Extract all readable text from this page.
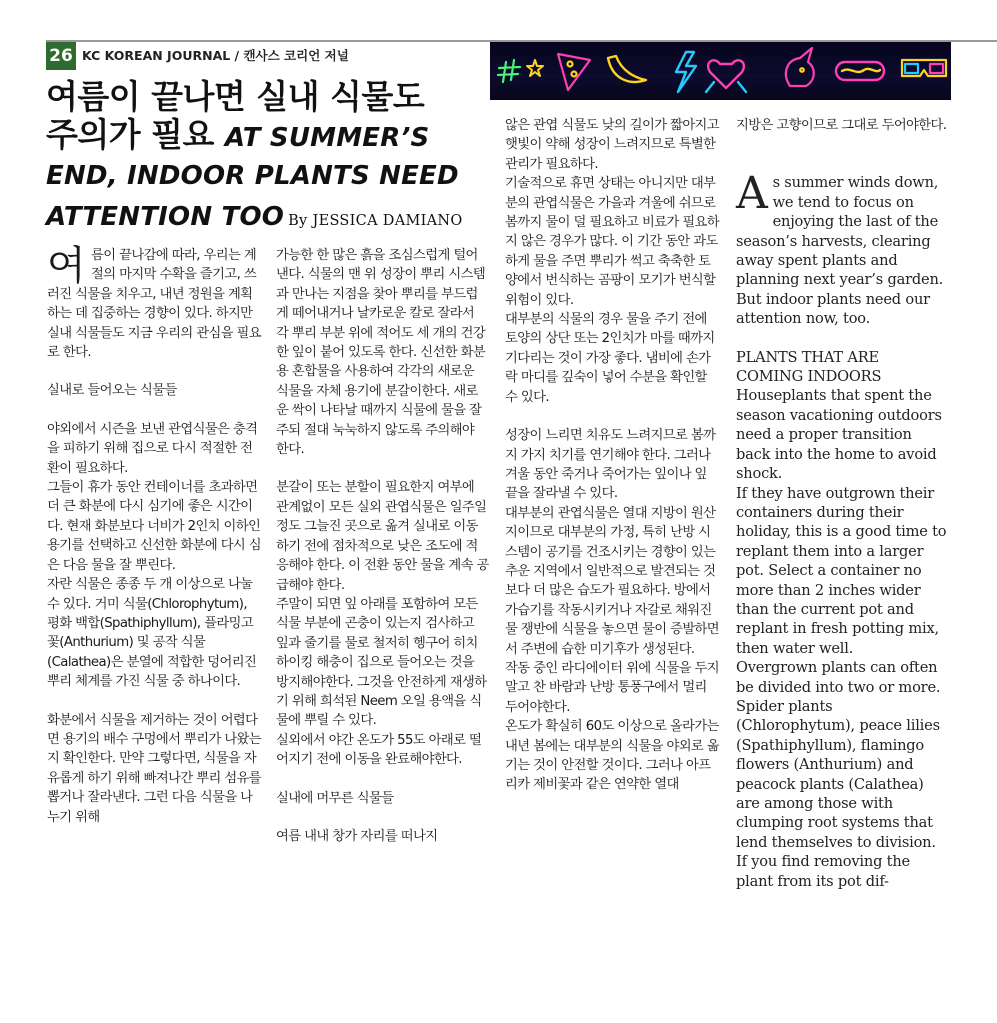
26 KC KOREAN JOURNAL / 캔사스 코리언 저널
여름이 끝나면 실내 식물도
주의가 필요 AT SUMMER’S
END, INDOOR PLANTS NEED
ATTENTION TOO By JESSICA DAMIANO

여름이 끝나감에 따라, 우리는 계절의 마지막 수확을 즐기고, 쓰러진 식물을 치우고, 내년 정원을 계획하는 데 집중하는 경향이 있다. 하지만 실내 식물들도 지금 우리의 관심을 필요로 한다.

실내로 들어오는 식물들

야외에서 시즌을 보낸 관엽식물은 충격을 피하기 위해 집으로 다시 적절한 전환이 필요하다.

그들이 휴가 동안 컨테이너를 초과하면 더 큰 화분에 다시 심기에 좋은 시간이다. 현재 화분보다 너비가 2인치 이하인 용기를 선택하고 신선한 화분에 다시 심은 다음 물을 잘 뿌린다.

자란 식물은 종종 두 개 이상으로 나눌 수 있다. 거미 식물(Chlorophytum), 평화 백합(Spathiphyllum), 플라밍고 꽃(Anthurium) 및 공작 식물(Calathea)은 분열에 적합한 덩어리진 뿌리 체계를 가진 식물 중 하나이다.

화분에서 식물을 제거하는 것이 어렵다면 용기의 배수 구멍에서 뿌리가 나왔는지 확인한다. 만약 그렇다면, 식물을 자유롭게 하기 위해 빠져나간 뿌리 섬유를 뽑거나 잘라낸다. 그런 다음 식물을 나누기 위해

가능한 한 많은 흙을 조심스럽게 털어낸다. 식물의 맨 위 성장이 뿌리 시스템과 만나는 지점을 찾아 뿌리를 부드럽게 떼어내거나 날카로운 칼로 잘라서 각 뿌리 부분 위에 적어도 세 개의 건강한 잎이 붙어 있도록 한다. 신선한 화분용 혼합물을 사용하여 각각의 새로운 식물을 자체 용기에 분갈이한다. 새로운 싹이 나타날 때까지 식물에 물을 잘 주되 절대 눅눅하지 않도록 주의해야 한다.

분갈이 또는 분할이 필요한지 여부에 관계없이 모든 실외 관엽식물은 일주일 정도 그늘진 곳으로 옮겨 실내로 이동하기 전에 점차적으로 낮은 조도에 적응해야 한다. 이 전환 동안 물을 계속 공급해야 한다.

주말이 되면 잎 아래를 포함하여 모든 식물 부분에 곤충이 있는지 검사하고 잎과 줄기를 물로 철저히 헹구어 히치하이킹 해충이 집으로 들어오는 것을 방지해야한다. 그것을 안전하게 재생하기 위해 희석된 Neem 오일 용액을 식물에 뿌릴 수 있다.

실외에서 야간 온도가 55도 아래로 떨어지기 전에 이동을 완료해야한다.

실내에 머무른 식물들

여름 내내 창가 자리를 떠나지

않은 관엽 식물도 낮의 길이가 짧아지고 햇빛이 약해 성장이 느려지므로 특별한 관리가 필요하다.

기술적으로 휴면 상태는 아니지만 대부분의 관엽식물은 가을과 겨울에 쉬므로 봄까지 물이 덜 필요하고 비료가 필요하지 않은 경우가 많다. 이 기간 동안 과도하게 물을 주면 뿌리가 썩고 축축한 토양에서 번식하는 곰팡이 모기가 번식할 위험이 있다.

대부분의 식물의 경우 물을 주기 전에 토양의 상단 또는 2인치가 마를 때까지 기다리는 것이 가장 좋다. 냄비에 손가락 마디를 깊숙이 넣어 수분을 확인할 수 있다.

성장이 느리면 치유도 느려지므로 봄까지 가지 치기를 연기해야 한다. 그러나 겨울 동안 죽거나 죽어가는 잎이나 잎 끝을 잘라낼 수 있다.

대부분의 관엽식물은 열대 지방이 원산지이므로 대부분의 가정, 특히 난방 시스템이 공기를 건조시키는 경향이 있는 추운 지역에서 일반적으로 발견되는 것보다 더 많은 습도가 필요하다. 방에서 가습기를 작동시키거나 자갈로 채워진 물 쟁반에 식물을 놓으면 물이 증발하면서 주변에 습한 미기후가 생성된다.

작동 중인 라디에이터 위에 식물을 두지 말고 찬 바람과 난방 통풍구에서 멀리 두어야한다.

온도가 확실히 60도 이상으로 올라가는 내년 봄에는 대부분의 식물을 야외로 옮기는 것이 안전할 것이다. 그러나 아프리카 제비꽃과 같은 연약한 열대

지방은 고향이므로 그대로 두어야한다.

As summer winds down, we tend to focus on enjoying the last of the season’s harvests, clearing away spent plants and planning next year’s garden. But indoor plants need our attention now, too.

PLANTS THAT ARE COMING INDOORS

Houseplants that spent the season vacationing outdoors need a proper transition back into the home to avoid shock.

If they have outgrown their containers during their holiday, this is a good time to replant them into a larger pot. Select a container no more than 2 inches wider than the current pot and replant in fresh potting mix, then water well.

Overgrown plants can often be divided into two or more. Spider plants (Chlorophytum), peace lilies (Spathiphyllum), flamingo flowers (Anthurium) and peacock plants (Calathea) are among those with clumping root systems that lend themselves to division.

If you find removing the plant from its pot dif-
